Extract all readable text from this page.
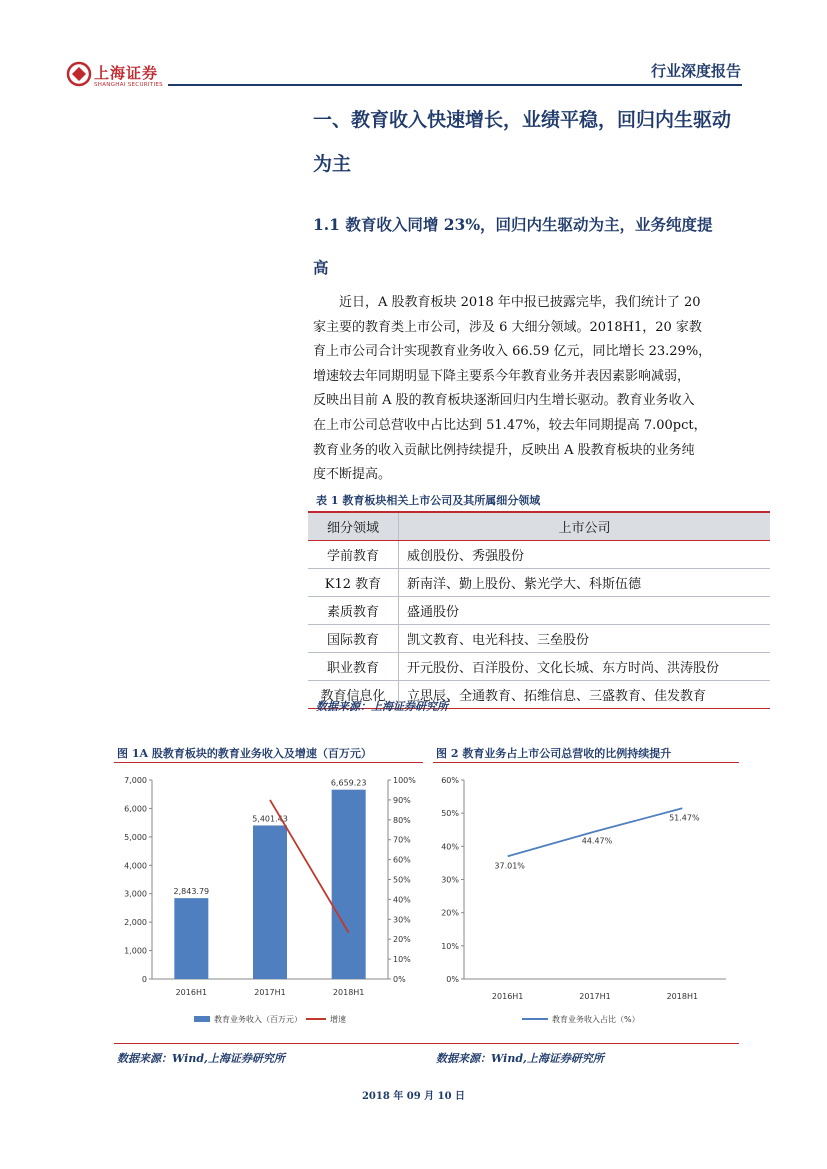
上海证券
SHANGHAI SECURITIES
行业深度报告
一、教育收入快速增长，业绩平稳，回归内生驱动
为主
1.1 教育收入同增 23%，回归内生驱动为主，业务纯度提
高
近日，A 股教育板块 2018 年中报已披露完毕，我们统计了 20
家主要的教育类上市公司，涉及 6 大细分领域。2018H1，20 家教
育上市公司合计实现教育业务收入 66.59 亿元，同比增长 23.29%，
增速较去年同期明显下降主要系今年教育业务并表因素影响减弱，
反映出目前 A 股的教育板块逐渐回归内生增长驱动。教育业务收入
在上市公司总营收中占比达到 51.47%，较去年同期提高 7.00pct，
教育业务的收入贡献比例持续提升，反映出 A 股教育板块的业务纯
度不断提高。
表 1 教育板块相关上市公司及其所属细分领域
细分领域	上市公司
学前教育	威创股份、秀强股份
K12 教育	新南洋、勤上股份、紫光学大、科斯伍德
素质教育	盛通股份
国际教育	凯文教育、电光科技、三垒股份
职业教育	开元股份、百洋股份、文化长城、东方时尚、洪涛股份
教育信息化	立思辰、全通教育、拓维信息、三盛教育、佳发教育
数据来源：上海证券研究所
图 1A 股教育板块的教育业务收入及增速（百万元）	图 2 教育业务占上市公司总营收的比例持续提升
0
1,000
2,000
3,000
4,000
5,000
6,000
7,000
0%
10%
20%
30%
40%
50%
60%
70%
80%
90%
100%
2,843.79
2016H1
5,401.43
2017H1
6,659.23
2018H1
教育业务收入（百万元）	增速
0%
10%
20%
30%
40%
50%
60%
2016H1
37.01%
2017H1
44.47%
2018H1
51.47%
教育业务收入占比（%）
数据来源：Wind,上海证券研究所	数据来源：Wind,上海证券研究所
2018 年 09 月 10 日
